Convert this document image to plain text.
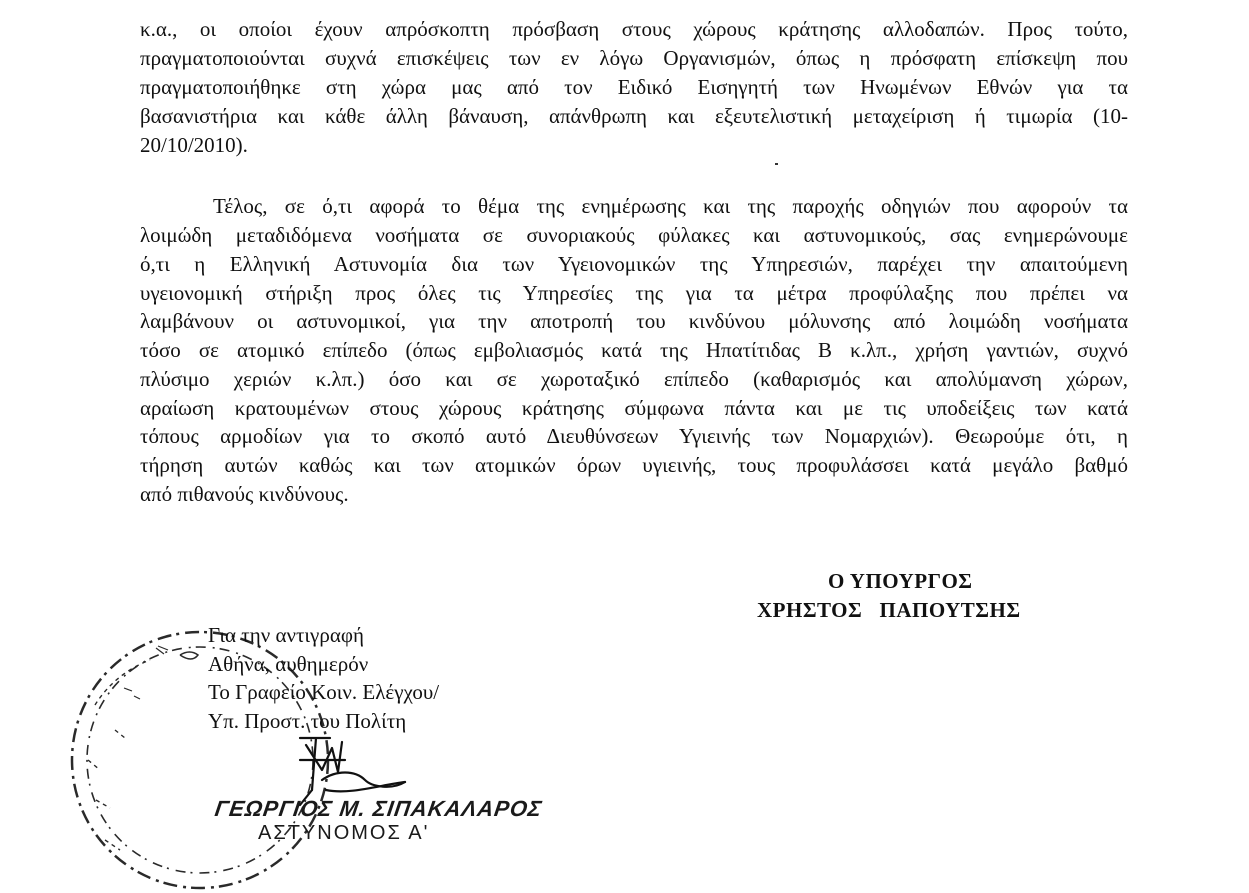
κ.α., οι οποίοι έχουν απρόσκοπτη πρόσβαση στους χώρους κράτησης αλλοδαπών. Προς τούτο,
πραγματοποιούνται συχνά επισκέψεις των εν λόγω Οργανισμών, όπως η πρόσφατη επίσκεψη που
πραγματοποιήθηκε στη χώρα μας από τον Ειδικό Εισηγητή των Ηνωμένων Εθνών για τα
βασανιστήρια και κάθε άλλη βάναυση, απάνθρωπη και εξευτελιστική μεταχείριση ή τιμωρία (10-
20/10/2010).
Τέλος, σε ό,τι αφορά το θέμα της ενημέρωσης και της παροχής οδηγιών που αφορούν τα
λοιμώδη μεταδιδόμενα νοσήματα σε συνοριακούς φύλακες και αστυνομικούς, σας ενημερώνουμε
ό,τι η Ελληνική Αστυνομία δια των Υγειονομικών της Υπηρεσιών, παρέχει την απαιτούμενη
υγειονομική στήριξη προς όλες τις Υπηρεσίες της για τα μέτρα προφύλαξης που πρέπει να
λαμβάνουν οι αστυνομικοί, για την αποτροπή του κινδύνου μόλυνσης από λοιμώδη νοσήματα
τόσο σε ατομικό επίπεδο (όπως εμβολιασμός κατά της Ηπατίτιδας Β κ.λπ., χρήση γαντιών, συχνό
πλύσιμο χεριών κ.λπ.) όσο και σε χωροταξικό επίπεδο (καθαρισμός και απολύμανση χώρων,
αραίωση κρατουμένων στους χώρους κράτησης σύμφωνα πάντα και με τις υποδείξεις των κατά
τόπους αρμοδίων για το σκοπό αυτό Διευθύνσεων Υγιεινής των Νομαρχιών). Θεωρούμε ότι, η
τήρηση αυτών καθώς και των ατομικών όρων υγιεινής, τους προφυλάσσει κατά μεγάλο βαθμό
από πιθανούς κινδύνους.
Ο ΥΠΟΥΡΓΟΣ
ΧΡΗΣΤΟΣ   ΠΑΠΟΥΤΣΗΣ
Για την αντιγραφή
Αθήνα, αυθημερόν
Το Γραφείο Κοιν. Ελέγχου/
Υπ. Προστ. του Πολίτη
ΓΕΩΡΓΙΟΣ Μ. ΣΙΠΑΚΑΛΑΡΟΣ
ΑΣΤΥΝΟΜΟΣ Α'
